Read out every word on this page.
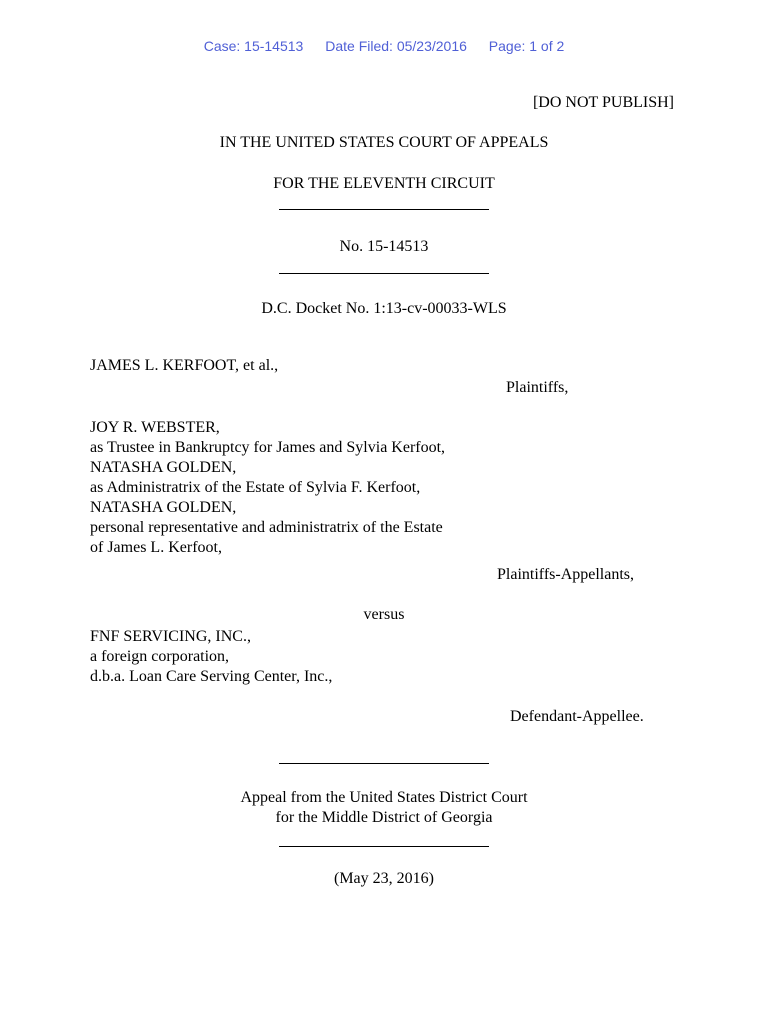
Case: 15-14513 Date Filed: 05/23/2016 Page: 1 of 2
[DO NOT PUBLISH]
IN THE UNITED STATES COURT OF APPEALS
FOR THE ELEVENTH CIRCUIT
No. 15-14513
D.C. Docket No. 1:13-cv-00033-WLS
JAMES L. KERFOOT, et al.,
Plaintiffs,
JOY R. WEBSTER,
as Trustee in Bankruptcy for James and Sylvia Kerfoot,
NATASHA GOLDEN,
as Administratrix of the Estate of Sylvia F. Kerfoot,
NATASHA GOLDEN,
personal representative and administratrix of the Estate
of James L. Kerfoot,
Plaintiffs-Appellants,
versus
FNF SERVICING, INC.,
a foreign corporation,
d.b.a. Loan Care Serving Center, Inc.,
Defendant-Appellee.
Appeal from the United States District Court
for the Middle District of Georgia
(May 23, 2016)
